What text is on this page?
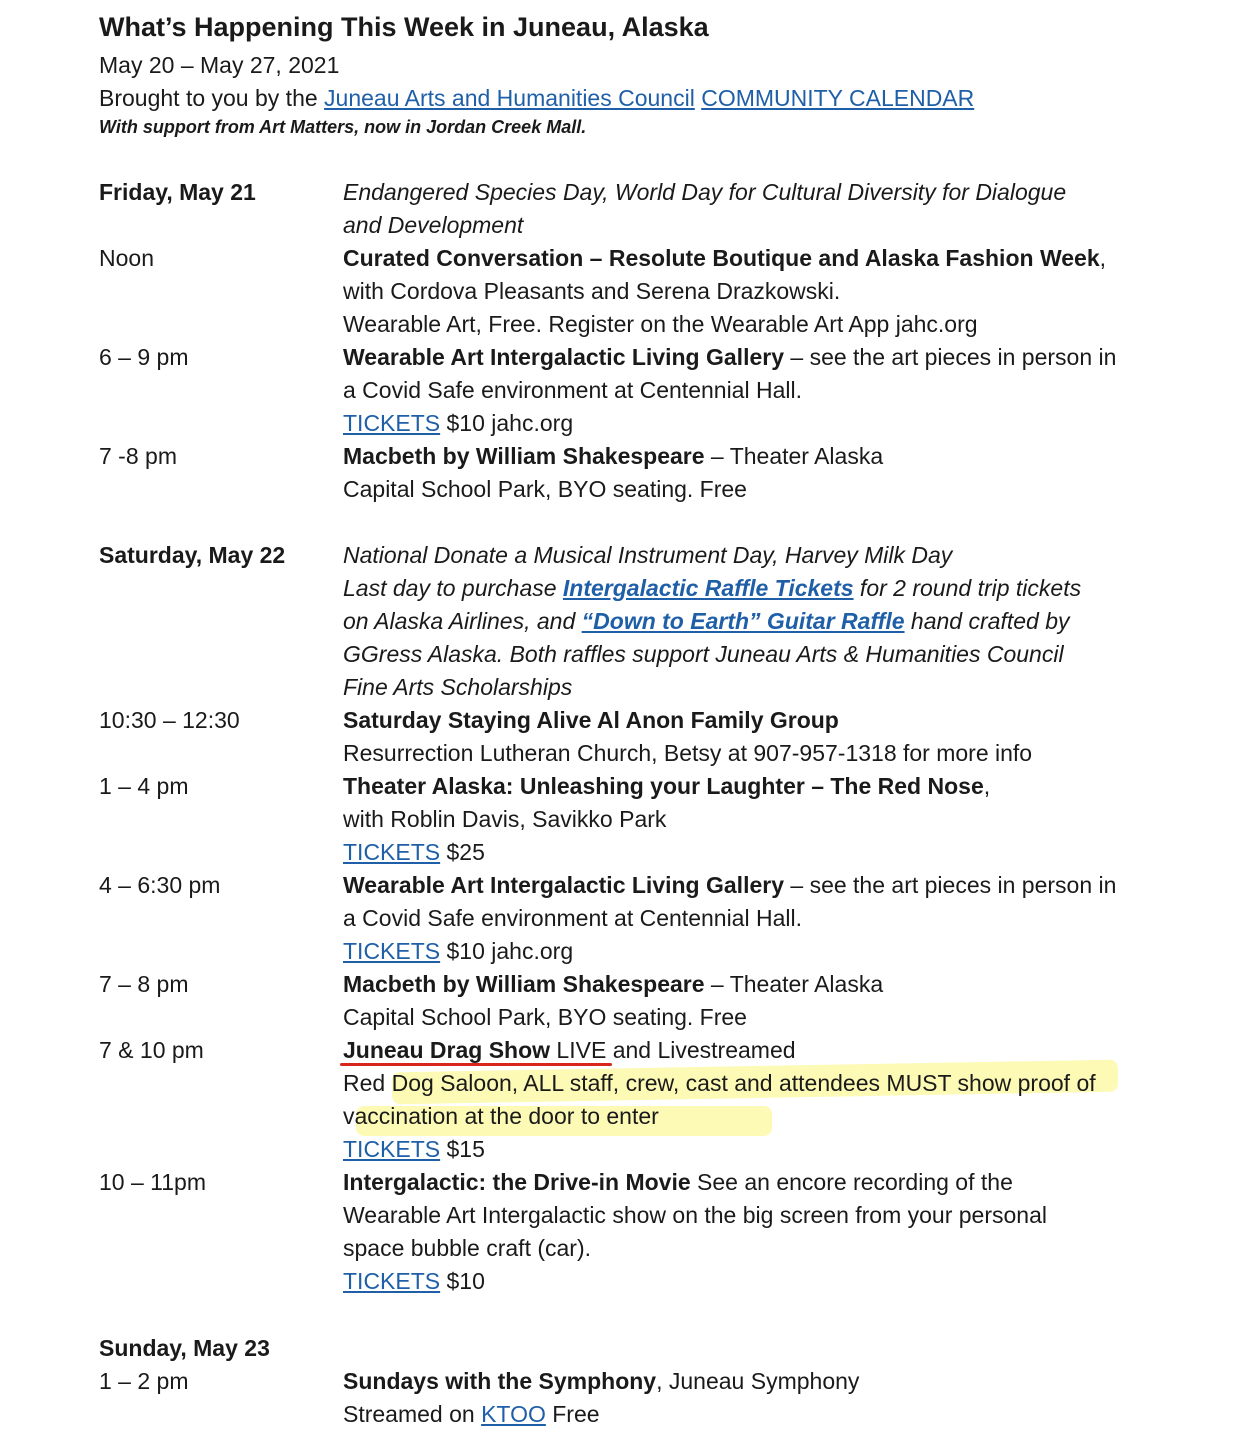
What’s Happening This Week in Juneau, Alaska
May 20 – May 27, 2021
Brought to you by the Juneau Arts and Humanities Council COMMUNITY CALENDAR
With support from Art Matters, now in Jordan Creek Mall.
Friday, May 21	Endangered Species Day, World Day for Cultural Diversity for Dialogue
and Development
Noon	Curated Conversation – Resolute Boutique and Alaska Fashion Week,
with Cordova Pleasants and Serena Drazkowski.
Wearable Art, Free. Register on the Wearable Art App jahc.org
6 – 9 pm	Wearable Art Intergalactic Living Gallery – see the art pieces in person in
a Covid Safe environment at Centennial Hall.
TICKETS $10 jahc.org
7 -8 pm	Macbeth by William Shakespeare – Theater Alaska
Capital School Park, BYO seating. Free
Saturday, May 22	National Donate a Musical Instrument Day, Harvey Milk Day
Last day to purchase Intergalactic Raffle Tickets for 2 round trip tickets
on Alaska Airlines, and “Down to Earth” Guitar Raffle hand crafted by
GGress Alaska. Both raffles support Juneau Arts & Humanities Council
Fine Arts Scholarships
10:30 – 12:30	Saturday Staying Alive Al Anon Family Group
Resurrection Lutheran Church, Betsy at 907-957-1318 for more info
1 – 4 pm	Theater Alaska: Unleashing your Laughter – The Red Nose,
with Roblin Davis, Savikko Park
TICKETS $25
4 – 6:30 pm	Wearable Art Intergalactic Living Gallery – see the art pieces in person in
a Covid Safe environment at Centennial Hall.
TICKETS $10 jahc.org
7 – 8 pm	Macbeth by William Shakespeare – Theater Alaska
Capital School Park, BYO seating. Free
7 & 10 pm	Juneau Drag Show LIVE and Livestreamed
Red Dog Saloon, ALL staff, crew, cast and attendees MUST show proof of
vaccination at the door to enter
TICKETS $15
10 – 11pm	Intergalactic: the Drive-in Movie See an encore recording of the
Wearable Art Intergalactic show on the big screen from your personal
space bubble craft (car).
TICKETS $10
Sunday, May 23
1 – 2 pm	Sundays with the Symphony, Juneau Symphony
Streamed on KTOO Free
